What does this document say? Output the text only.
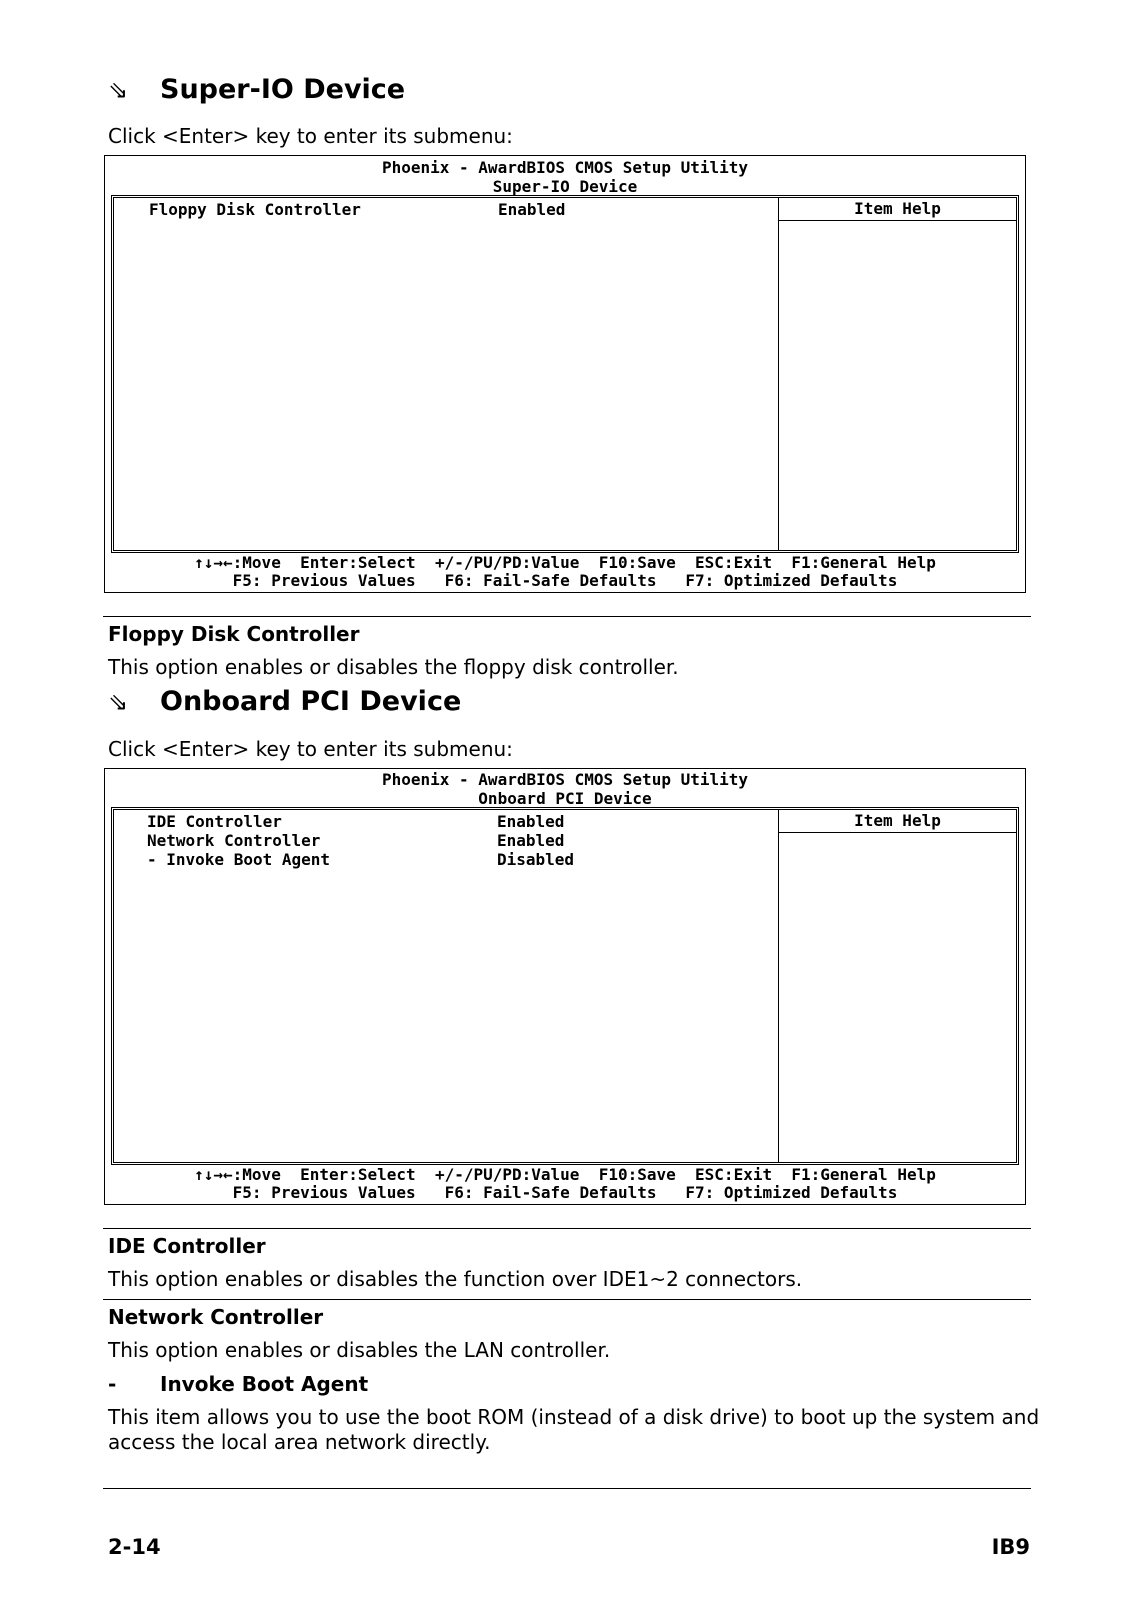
⇘ Super-IO Device

Click <Enter> key to enter its submenu:

Phoenix - AwardBIOS CMOS Setup Utility
Super-IO Device
Floppy Disk Controller	Enabled	Item Help
↑↓→←:Move  Enter:Select  +/-/PU/PD:Value  F10:Save  ESC:Exit  F1:General Help
F5: Previous Values   F6: Fail-Safe Defaults   F7: Optimized Defaults
Floppy Disk Controller

This option enables or disables the floppy disk controller.

⇘ Onboard PCI Device

Click <Enter> key to enter its submenu:

Phoenix - AwardBIOS CMOS Setup Utility
Onboard PCI Device
IDE Controller	Enabled
Network Controller	Enabled
- Invoke Boot Agent	Disabled
Item Help
↑↓→←:Move  Enter:Select  +/-/PU/PD:Value  F10:Save  ESC:Exit  F1:General Help
F5: Previous Values   F6: Fail-Safe Defaults   F7: Optimized Defaults
IDE Controller

This option enables or disables the function over IDE1~2 connectors.

Network Controller

This option enables or disables the LAN controller.

- Invoke Boot Agent

This item allows you to use the boot ROM (instead of a disk drive) to boot up the system and

access the local area network directly.

2-14	IB9
